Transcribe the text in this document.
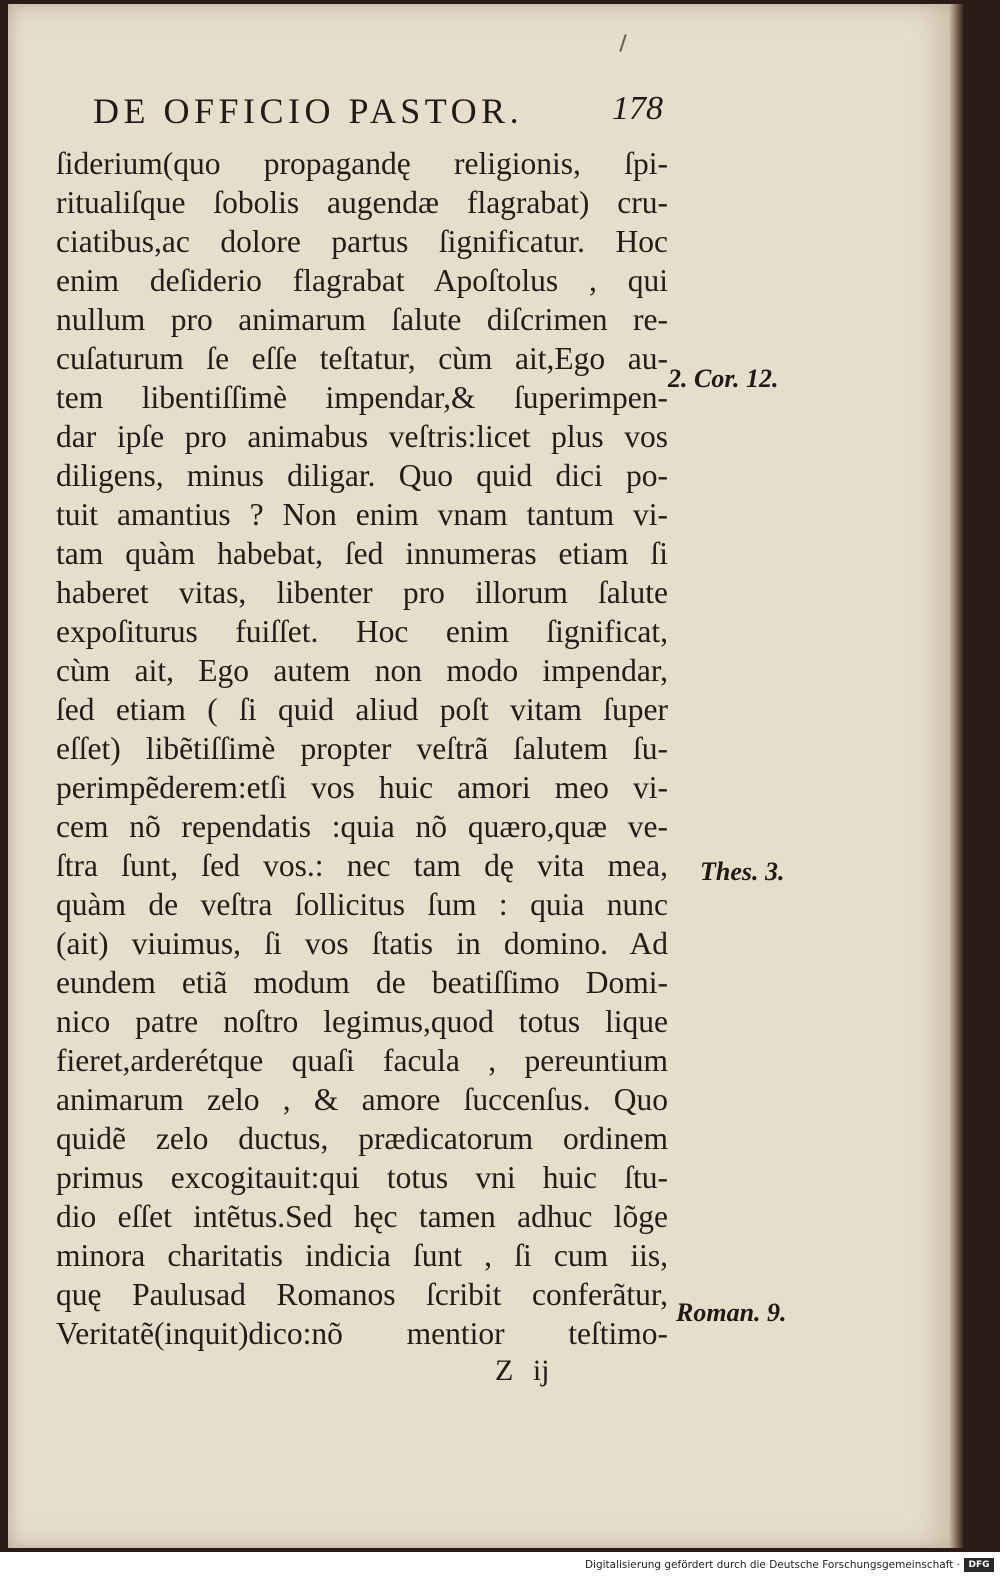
DE OFFICIO PASTOR.	178
ſiderium(quo propagandę religionis, ſpi-
ritualiſque ſobolis augendæ flagrabat) cru-
ciatibus,ac dolore partus ſignificatur. Hoc
enim deſiderio flagrabat Apoſtolus , qui
nullum pro animarum ſalute diſcrimen re-
cuſaturum ſe eſſe teſtatur, cùm ait,Ego au-
tem libentiſſimè impendar,& ſuperimpen-
dar ipſe pro animabus veſtris:licet plus vos
diligens, minus diligar. Quo quid dici po-
tuit amantius ? Non enim vnam tantum vi-
tam quàm habebat, ſed innumeras etiam ſi
haberet vitas, libenter pro illorum ſalute
expoſiturus fuiſſet. Hoc enim ſignificat,
cùm ait, Ego autem non modo impendar,
ſed etiam ( ſi quid aliud poſt vitam ſuper
eſſet) libẽtiſſimè propter veſtrã ſalutem ſu-
perimpẽderem:etſi vos huic amori meo vi-
cem nõ rependatis :quia nõ quæro,quæ ve-
ſtra ſunt, ſed vos.: nec tam dę vita mea,
quàm de veſtra ſollicitus ſum : quia nunc
(ait) viuimus, ſi vos ſtatis in domino. Ad
eundem etiã modum de beatiſſimo Domi-
nico patre noſtro legimus,quod totus lique
fieret,arderétque quaſi facula , pereuntium
animarum zelo , & amore ſuccenſus. Quo
quidẽ zelo ductus, prædicatorum ordinem
primus excogitauit:qui totus vni huic ſtu-
dio eſſet intẽtus.Sed hęc tamen adhuc lõge
minora charitatis indicia ſunt , ſi cum iis,
quę Paulusad Romanos ſcribit conferãtur,
Veritatẽ(inquit)dico:nõ mentior teſtimo-
2. Cor. 12.
Thes. 3.
Roman. 9.
Z ij
Digitalisierung gefördert durch die Deutsche Forschungsgemeinschaft · DFG
